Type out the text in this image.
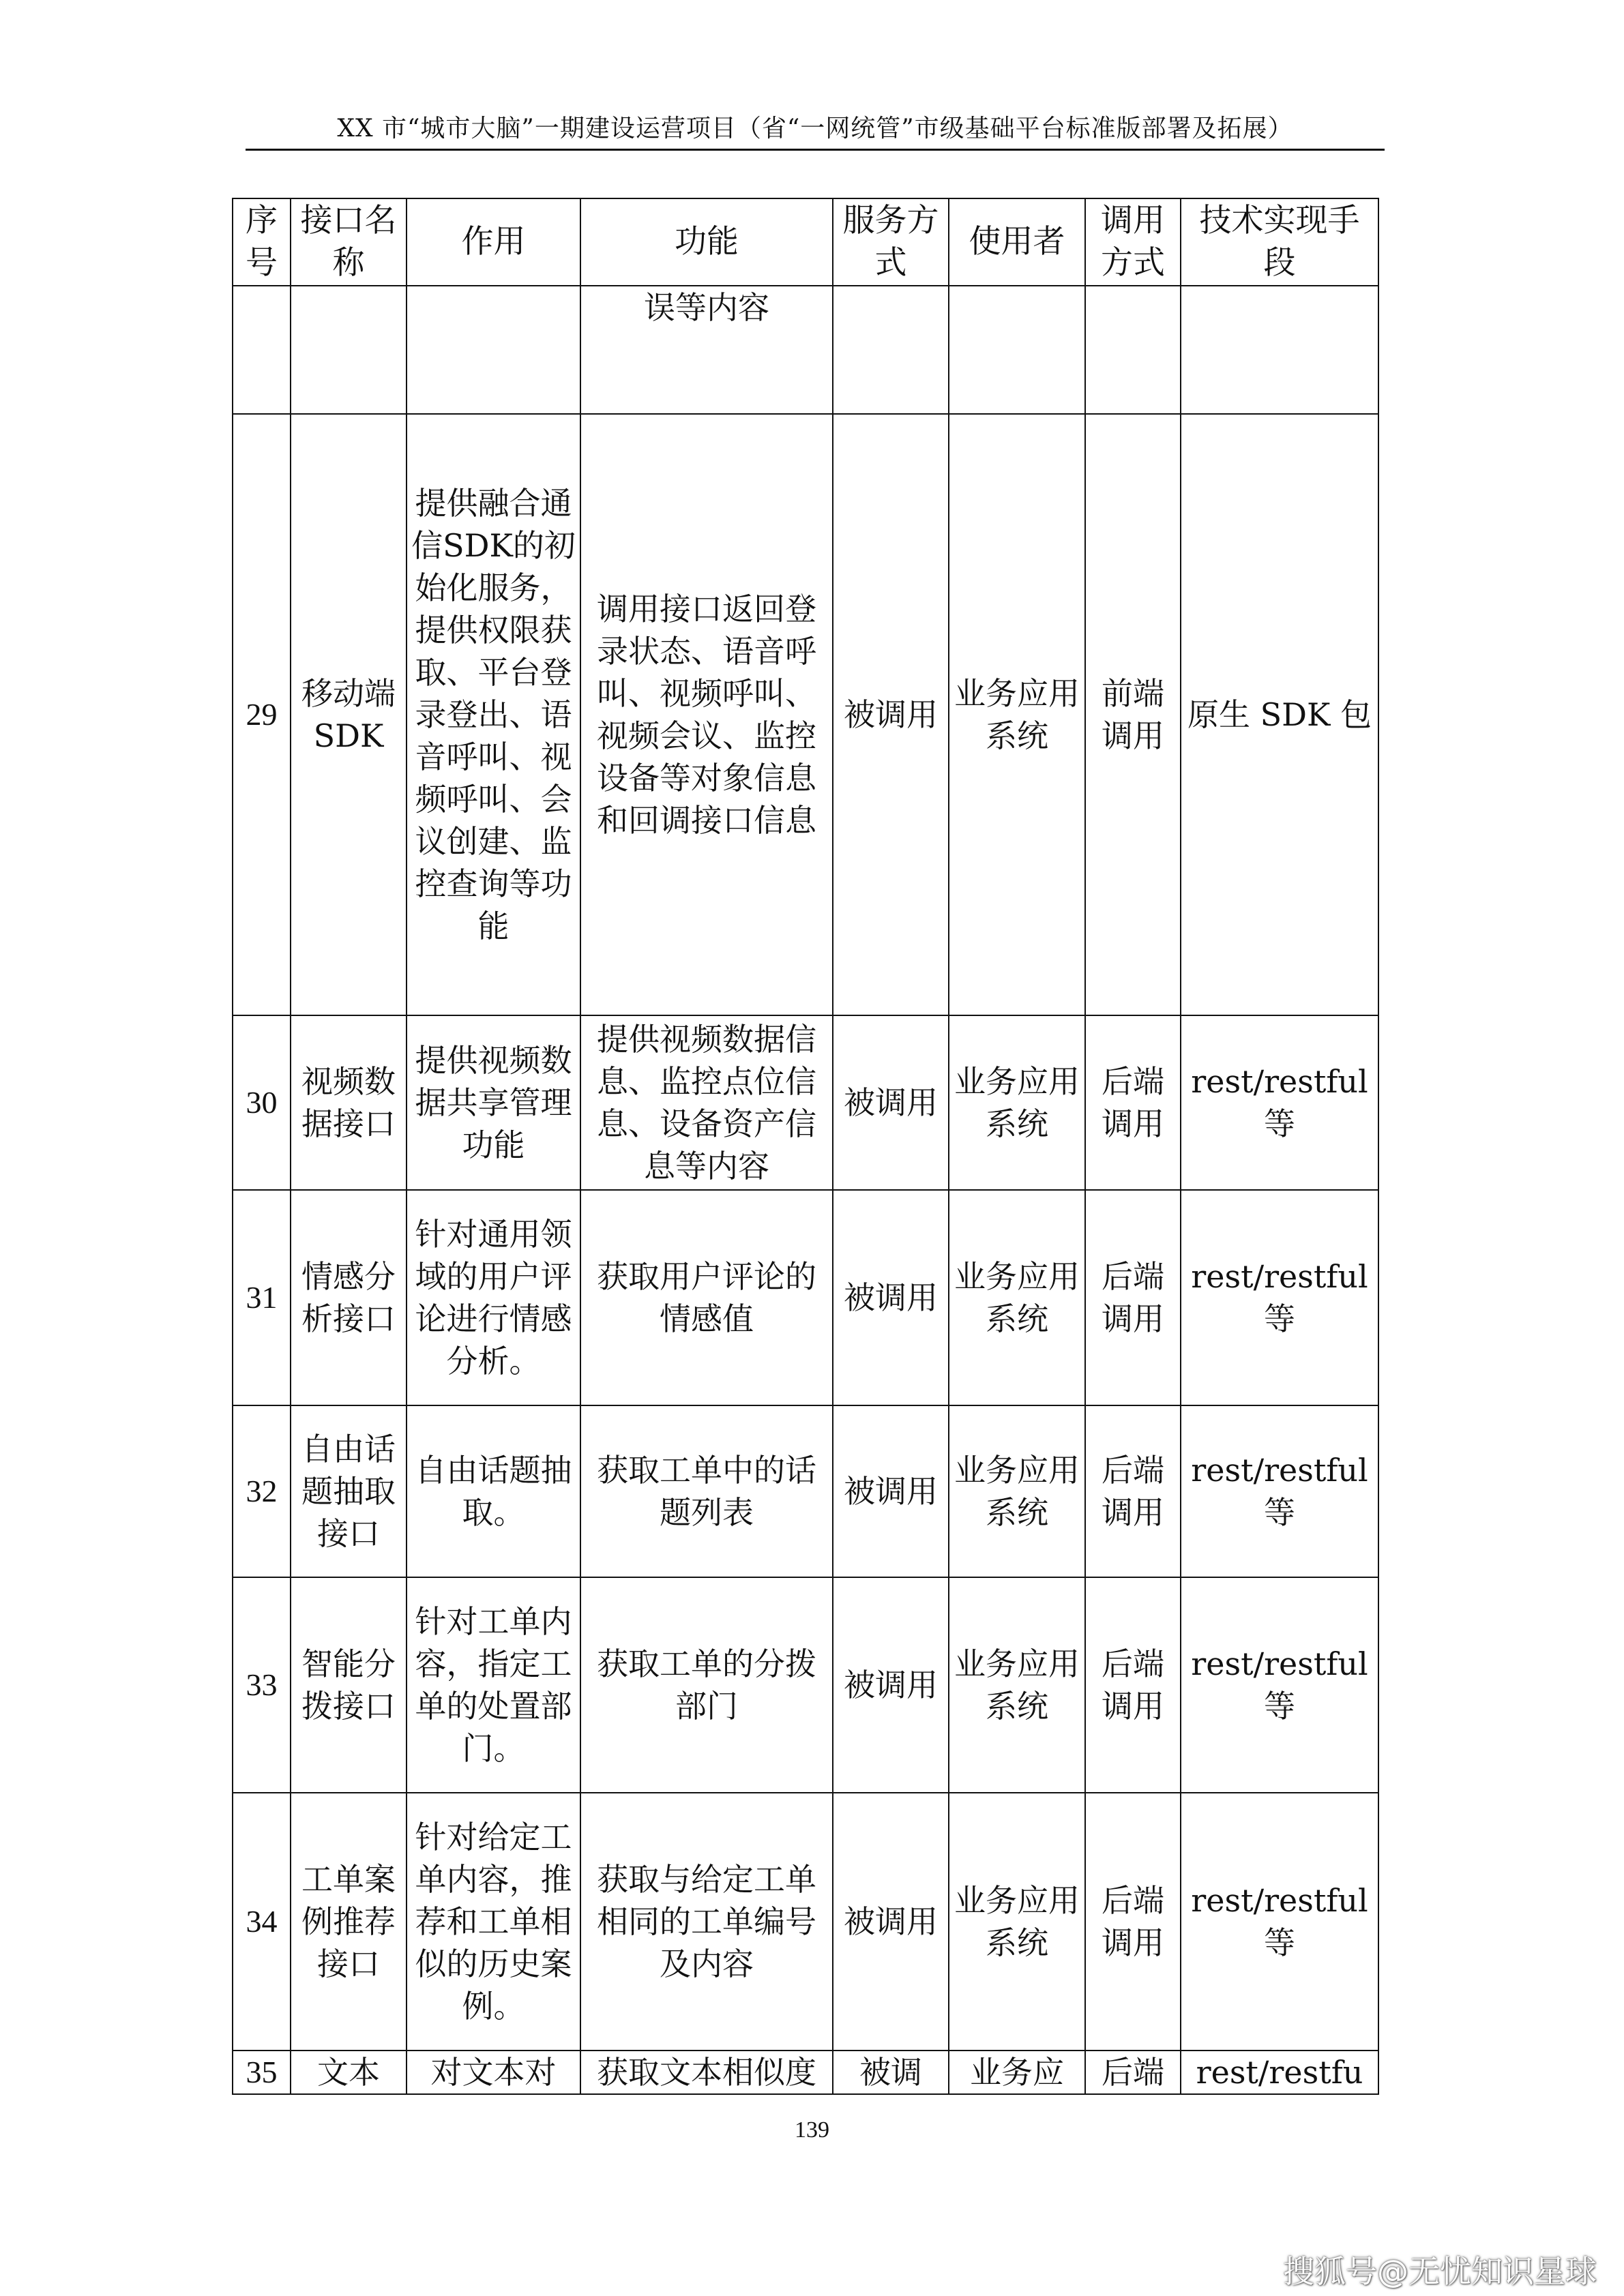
XX 市“城市大脑”一期建设运营项目（省“一网统管”市级基础平台标准版部署及拓展）
序号	接口名称	作用	功能	服务方式	使用者	调用方式	技术实现手段
			误等内容				
29	移动端SDK	提供融合通信SDK的初始化服务，提供权限获取、平台登录登出、语音呼叫、视频呼叫、会议创建、监控查询等功能	调用接口返回登录状态、语音呼叫、视频呼叫、视频会议、监控设备等对象信息和回调接口信息	被调用	业务应用系统	前端调用	原生 SDK 包
30	视频数据接口	提供视频数据共享管理功能	提供视频数据信息、监控点位信息、设备资产信息等内容	被调用	业务应用系统	后端调用	rest/restful 等
31	情感分析接口	针对通用领域的用户评论进行情感分析。	获取用户评论的情感值	被调用	业务应用系统	后端调用	rest/restful 等
32	自由话题抽取接口	自由话题抽取。	获取工单中的话题列表	被调用	业务应用系统	后端调用	rest/restful 等
33	智能分拨接口	针对工单内容，指定工单的处置部门。	获取工单的分拨部门	被调用	业务应用系统	后端调用	rest/restful 等
34	工单案例推荐接口	针对给定工单内容，推荐和工单相似的历史案例。	获取与给定工单相同的工单编号及内容	被调用	业务应用系统	后端调用	rest/restful 等
35	文本	对文本对	获取文本相似度	被调	业务应	后端	rest/restfu
139
搜狐号@无忧知识星球
